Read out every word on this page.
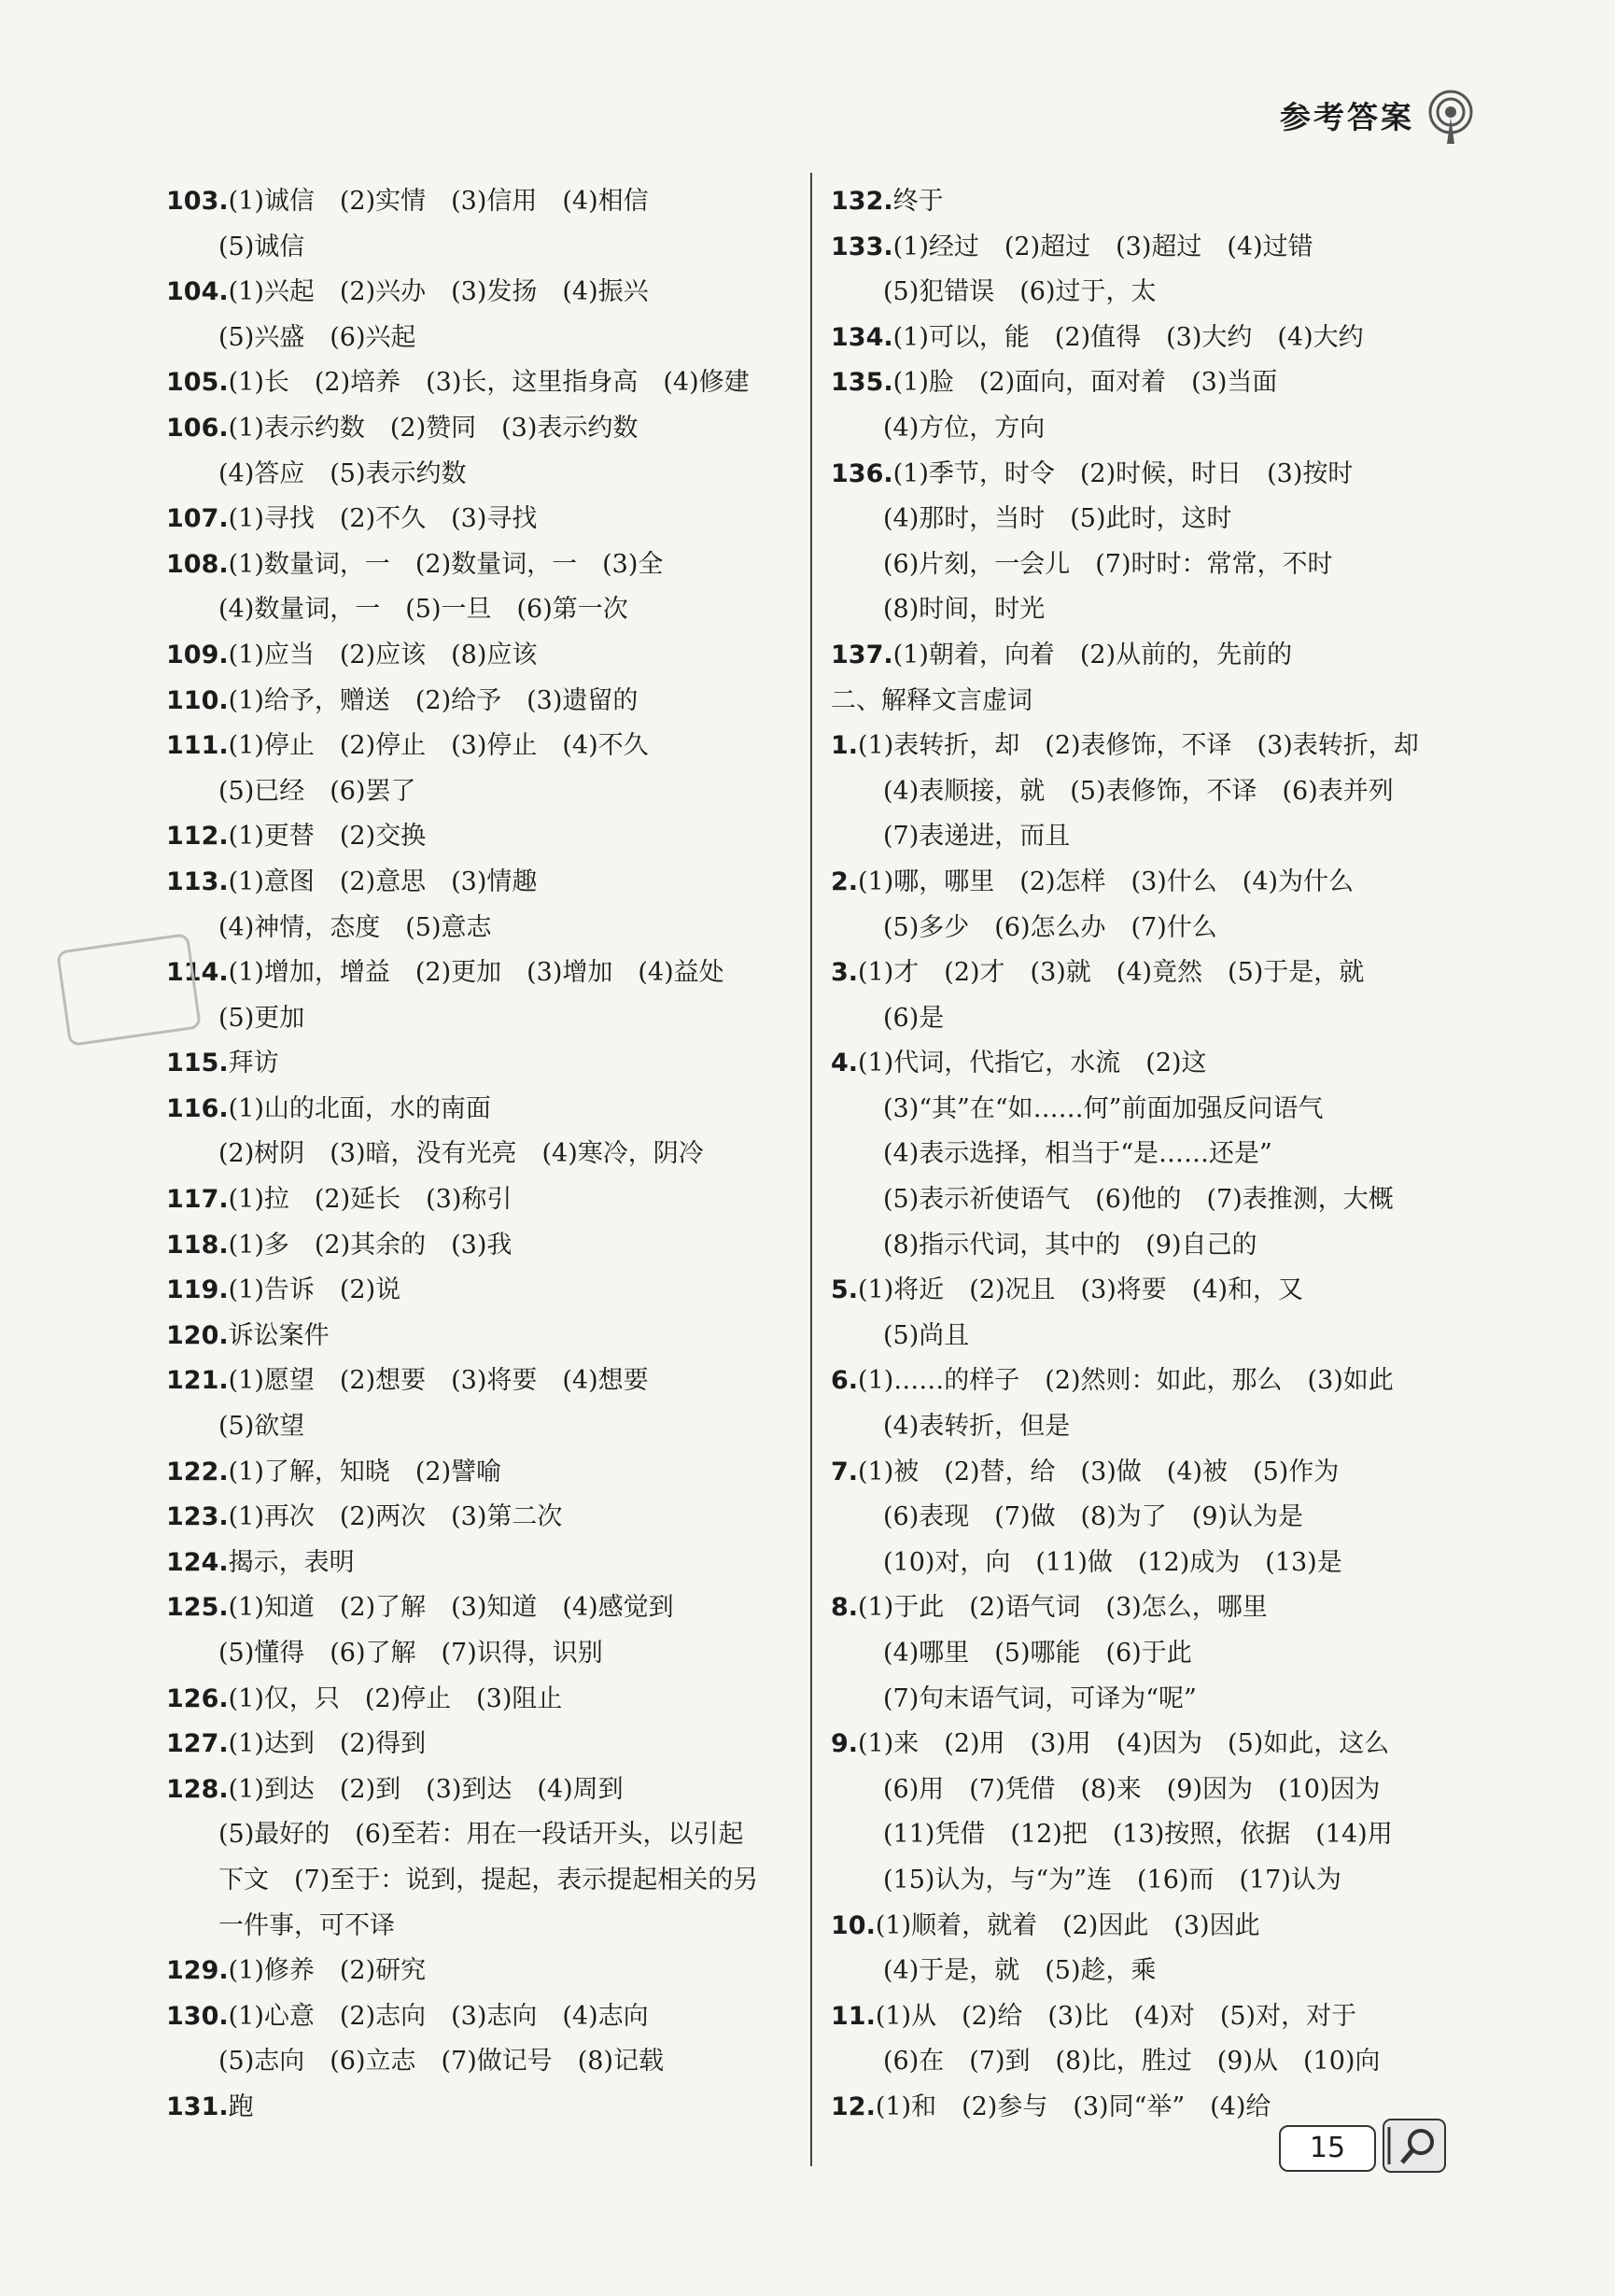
参考答案
103.(1)诚信　(2)实情　(3)信用　(4)相信
(5)诚信
104.(1)兴起　(2)兴办　(3)发扬　(4)振兴
(5)兴盛　(6)兴起
105.(1)长　(2)培养　(3)长，这里指身高　(4)修建
106.(1)表示约数　(2)赞同　(3)表示约数
(4)答应　(5)表示约数
107.(1)寻找　(2)不久　(3)寻找
108.(1)数量词，一　(2)数量词，一　(3)全
(4)数量词，一　(5)一旦　(6)第一次
109.(1)应当　(2)应该　(8)应该
110.(1)给予，赠送　(2)给予　(3)遗留的
111.(1)停止　(2)停止　(3)停止　(4)不久
(5)已经　(6)罢了
112.(1)更替　(2)交换
113.(1)意图　(2)意思　(3)情趣
(4)神情，态度　(5)意志
114.(1)增加，增益　(2)更加　(3)增加　(4)益处
(5)更加
115.拜访
116.(1)山的北面，水的南面
(2)树阴　(3)暗，没有光亮　(4)寒冷，阴冷
117.(1)拉　(2)延长　(3)称引
118.(1)多　(2)其余的　(3)我
119.(1)告诉　(2)说
120.诉讼案件
121.(1)愿望　(2)想要　(3)将要　(4)想要
(5)欲望
122.(1)了解，知晓　(2)譬喻
123.(1)再次　(2)两次　(3)第二次
124.揭示，表明
125.(1)知道　(2)了解　(3)知道　(4)感觉到
(5)懂得　(6)了解　(7)识得，识别
126.(1)仅，只　(2)停止　(3)阻止
127.(1)达到　(2)得到
128.(1)到达　(2)到　(3)到达　(4)周到
(5)最好的　(6)至若：用在一段话开头，以引起
下文　(7)至于：说到，提起，表示提起相关的另
一件事，可不译
129.(1)修养　(2)研究
130.(1)心意　(2)志向　(3)志向　(4)志向
(5)志向　(6)立志　(7)做记号　(8)记载
131.跑
132.终于
133.(1)经过　(2)超过　(3)超过　(4)过错
(5)犯错误　(6)过于，太
134.(1)可以，能　(2)值得　(3)大约　(4)大约
135.(1)脸　(2)面向，面对着　(3)当面
(4)方位，方向
136.(1)季节，时令　(2)时候，时日　(3)按时
(4)那时，当时　(5)此时，这时
(6)片刻，一会儿　(7)时时：常常，不时
(8)时间，时光
137.(1)朝着，向着　(2)从前的，先前的
二、解释文言虚词
1.(1)表转折，却　(2)表修饰，不译　(3)表转折，却
(4)表顺接，就　(5)表修饰，不译　(6)表并列
(7)表递进，而且
2.(1)哪，哪里　(2)怎样　(3)什么　(4)为什么
(5)多少　(6)怎么办　(7)什么
3.(1)才　(2)才　(3)就　(4)竟然　(5)于是，就
(6)是
4.(1)代词，代指它，水流　(2)这
(3)“其”在“如……何”前面加强反问语气
(4)表示选择，相当于“是……还是”
(5)表示祈使语气　(6)他的　(7)表推测，大概
(8)指示代词，其中的　(9)自己的
5.(1)将近　(2)况且　(3)将要　(4)和，又
(5)尚且
6.(1)……的样子　(2)然则：如此，那么　(3)如此
(4)表转折，但是
7.(1)被　(2)替，给　(3)做　(4)被　(5)作为
(6)表现　(7)做　(8)为了　(9)认为是
(10)对，向　(11)做　(12)成为　(13)是
8.(1)于此　(2)语气词　(3)怎么，哪里
(4)哪里　(5)哪能　(6)于此
(7)句末语气词，可译为“呢”
9.(1)来　(2)用　(3)用　(4)因为　(5)如此，这么
(6)用　(7)凭借　(8)来　(9)因为　(10)因为
(11)凭借　(12)把　(13)按照，依据　(14)用
(15)认为，与“为”连　(16)而　(17)认为
10.(1)顺着，就着　(2)因此　(3)因此
(4)于是，就　(5)趁，乘
11.(1)从　(2)给　(3)比　(4)对　(5)对，对于
(6)在　(7)到　(8)比，胜过　(9)从　(10)向
12.(1)和　(2)参与　(3)同“举”　(4)给
15
